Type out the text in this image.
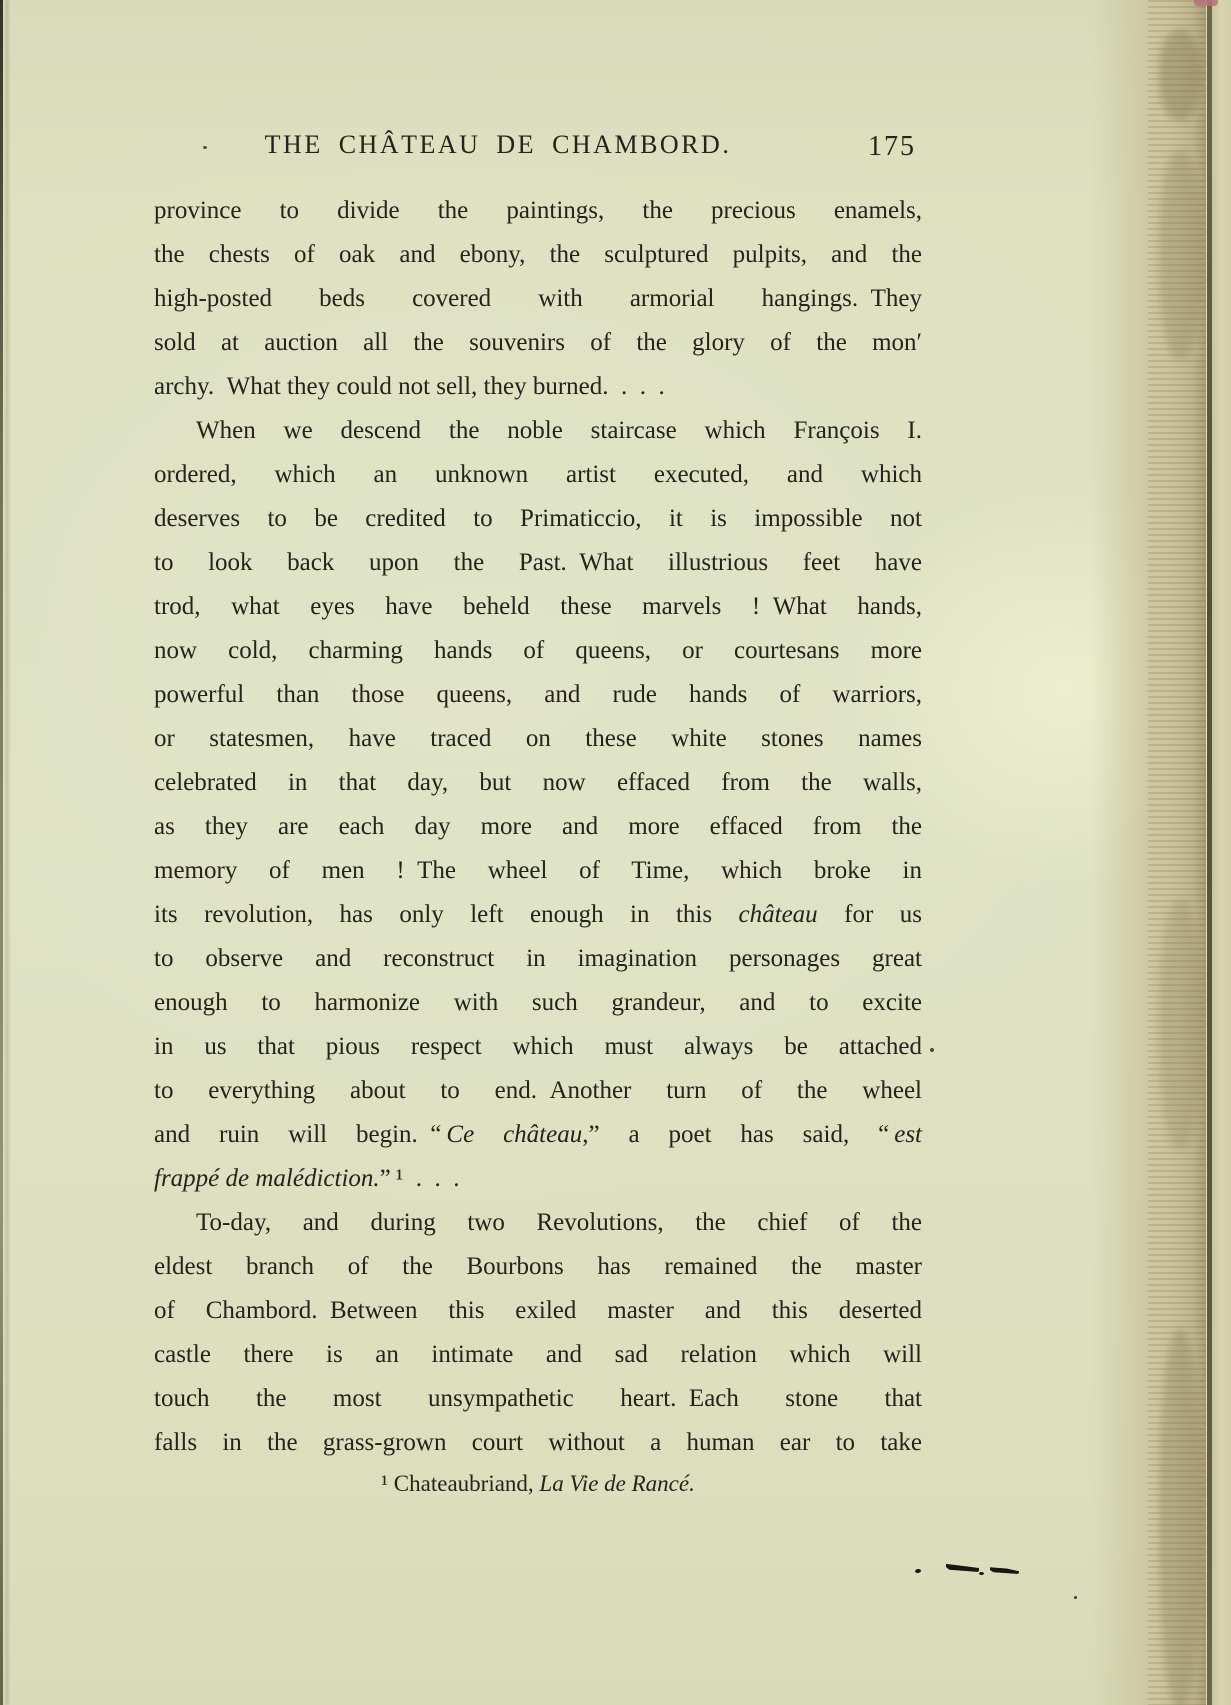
THE CHÂTEAU DE CHAMBORD.	175
province to divide the paintings, the precious enamels,
the chests of oak and ebony, the sculptured pulpits, and the
high-posted beds covered with armorial hangings. They
sold at auction all the souvenirs of the glory of the mon′
archy. What they could not sell, they burned. . . .
When we descend the noble staircase which François I.
ordered, which an unknown artist executed, and which
deserves to be credited to Primaticcio, it is impossible not
to look back upon the Past. What illustrious feet have
trod, what eyes have beheld these marvels ! What hands,
now cold, charming hands of queens, or courtesans more
powerful than those queens, and rude hands of warriors,
or statesmen, have traced on these white stones names
celebrated in that day, but now effaced from the walls,
as they are each day more and more effaced from the
memory of men ! The wheel of Time, which broke in
its revolution, has only left enough in this château for us
to observe and reconstruct in imagination personages great
enough to harmonize with such grandeur, and to excite
in us that pious respect which must always be attached
to everything about to end. Another turn of the wheel
and ruin will begin. “ Ce château,” a poet has said, “ est
frappé de malédiction.” ¹ . . .
To-day, and during two Revolutions, the chief of the
eldest branch of the Bourbons has remained the master
of Chambord. Between this exiled master and this deserted
castle there is an intimate and sad relation which will
touch the most unsympathetic heart. Each stone that
falls in the grass-grown court without a human ear to take
¹ Chateaubriand, La Vie de Rancé.
